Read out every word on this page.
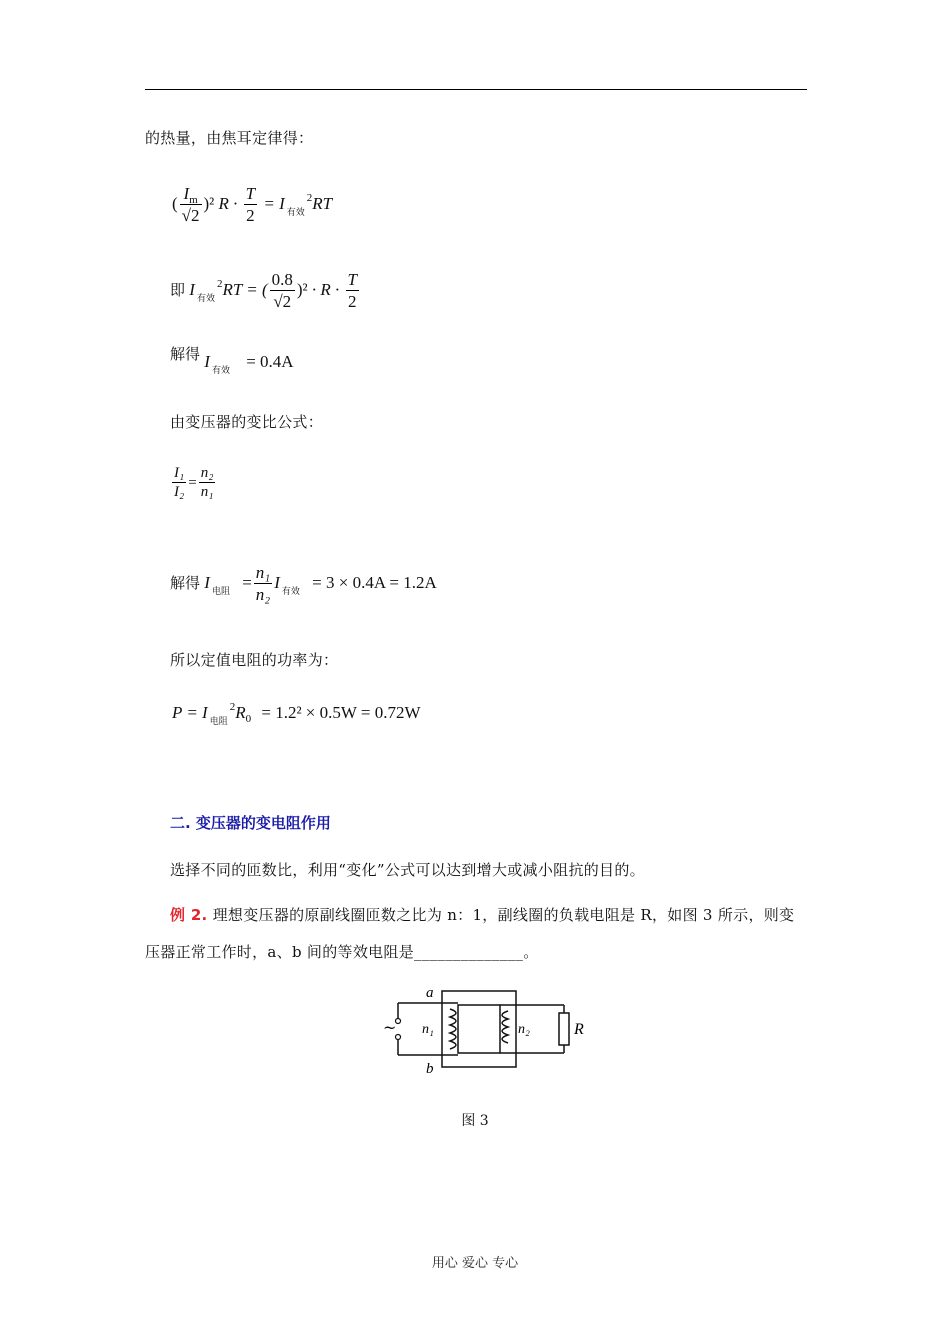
的热量，由焦耳定律得：
( $\frac{I_m}{√2} )^2$ $R \cdot \frac{T}{2} = I$ $_{有效}^2$RT
即 I $_{有效}^2$RT = ( $\frac{0.8}{√2} )^2 \cdot R \cdot \frac{T}{2}$
解得 I $_{有效}$ = 0.4A
由变压器的变比公式：
$\frac{\text{I₁}}{\text{I₂}} = \frac{\text{n₂}}{\text{n₁}}$
解得 I $_{电阻} = \frac{\text{n₁}}{\text{n₂}}$ I $_{有效}$ = 3 × 0.4A = 1.2A
所以定值电阻的功率为：
P = I $_{电阻}^2R_0 = 1.2^2 \times 0.5W = 0.72W$
二. 变压器的变电阻作用
选择不同的匝数比，利用“变化”公式可以达到增大或减小阻抗的目的。
例 2. 理想变压器的原副线圈匝数之比为 n：1，副线圈的负载电阻是 R，如图 3 所示，则变
压器正常工作时，a、b 间的等效电阻是______________。
~
a
b
n₁	n₂	R
图 3
用心 爱心 专心
